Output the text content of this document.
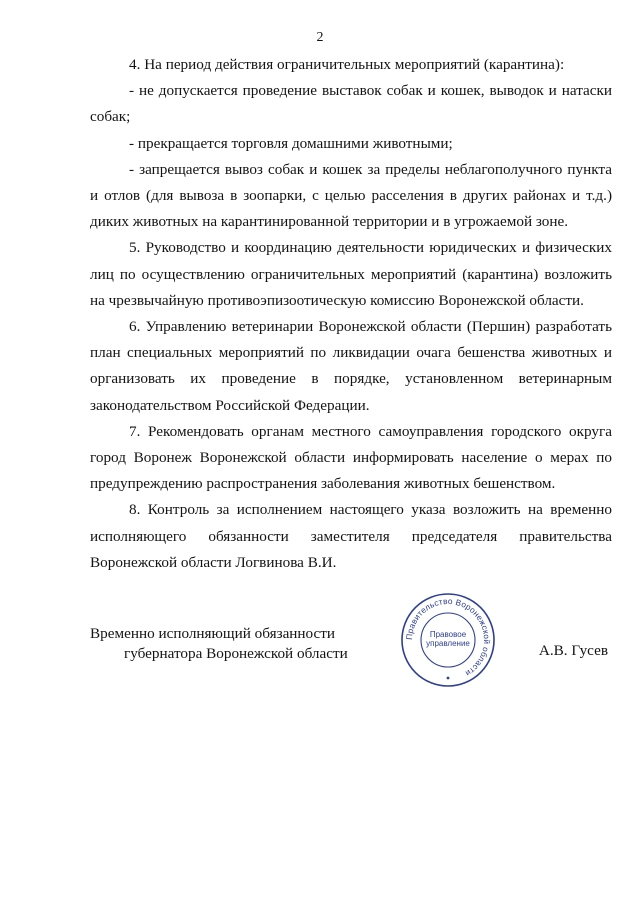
2

4. На период действия ограничительных мероприятий (карантина):

- не допускается проведение выставок собак и кошек, выводок и натаски собак;

- прекращается торговля домашними животными;

- запрещается вывоз собак и кошек за пределы неблагополучного пункта и отлов (для вывоза в зоопарки, с целью расселения в других районах и т.д.) диких животных на карантинированной территории и в угрожаемой зоне.

5. Руководство и координацию деятельности юридических и физических лиц по осуществлению ограничительных мероприятий (карантина) возложить на чрезвычайную противоэпизоотическую комиссию Воронежской области.

6. Управлению ветеринарии Воронежской области (Першин) разработать план специальных мероприятий по ликвидации очага бешенства животных и организовать их проведение в порядке, установленном ветеринарным законодательством Российской Федерации.

7. Рекомендовать органам местного самоуправления городского округа город Воронеж Воронежской области информировать население о мерах по предупреждению распространения заболевания животных бешенством.

8. Контроль за исполнением настоящего указа возложить на временно исполняющего обязанности заместителя председателя правительства Воронежской области Логвинова В.И.

Временно исполняющий обязанности
губернатора Воронежской области	А.В. Гусев
Правительство Воронежской области
Правовое
управление
